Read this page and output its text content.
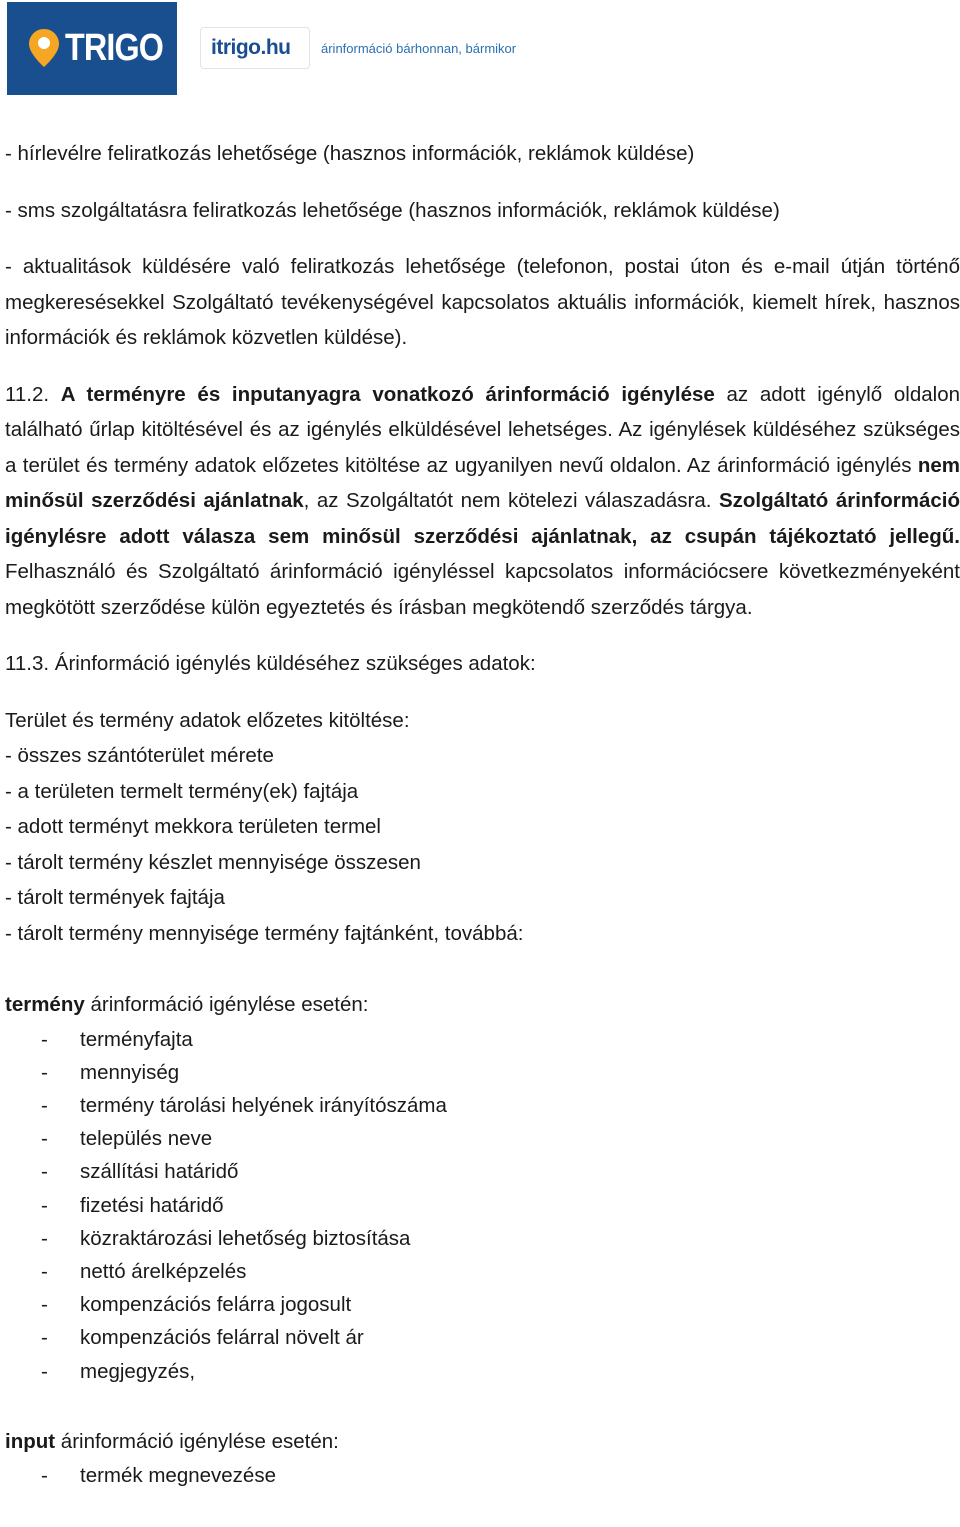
TRIGO itrigo.hu árinformáció bárhonnan, bármikor

- hírlevélre feliratkozás lehetősége (hasznos információk, reklámok küldése)

- sms szolgáltatásra feliratkozás lehetősége (hasznos információk, reklámok küldése)

- aktualitások küldésére való feliratkozás lehetősége (telefonon, postai úton és e-mail útján történő megkeresésekkel Szolgáltató tevékenységével kapcsolatos aktuális információk, kiemelt hírek, hasznos információk és reklámok közvetlen küldése).

11.2. A terményre és inputanyagra vonatkozó árinformáció igénylése az adott igénylő oldalon található űrlap kitöltésével és az igénylés elküldésével lehetséges. Az igénylések küldéséhez szükséges a terület és termény adatok előzetes kitöltése az ugyanilyen nevű oldalon. Az árinformáció igénylés nem minősül szerződési ajánlatnak, az Szolgáltatót nem kötelezi válaszadásra. Szolgáltató árinformáció igénylésre adott válasza sem minősül szerződési ajánlatnak, az csupán tájékoztató jellegű. Felhasználó és Szolgáltató árinformáció igényléssel kapcsolatos információcsere következményeként megkötött szerződése külön egyeztetés és írásban megkötendő szerződés tárgya.

11.3. Árinformáció igénylés küldéséhez szükséges adatok:

Terület és termény adatok előzetes kitöltése:

- összes szántóterület mérete

- a területen termelt termény(ek) fajtája

- adott terményt mekkora területen termel

- tárolt termény készlet mennyisége összesen

- tárolt termények fajtája

- tárolt termény mennyisége termény fajtánként, továbbá:

termény árinformáció igénylése esetén:

- terményfajta
- mennyiség
- termény tárolási helyének irányítószáma
- település neve
- szállítási határidő
- fizetési határidő
- közraktározási lehetőség biztosítása
- nettó árelképzelés
- kompenzációs felárra jogosult
- kompenzációs felárral növelt ár
- megjegyzés,

input árinformáció igénylése esetén:

- termék megnevezése
